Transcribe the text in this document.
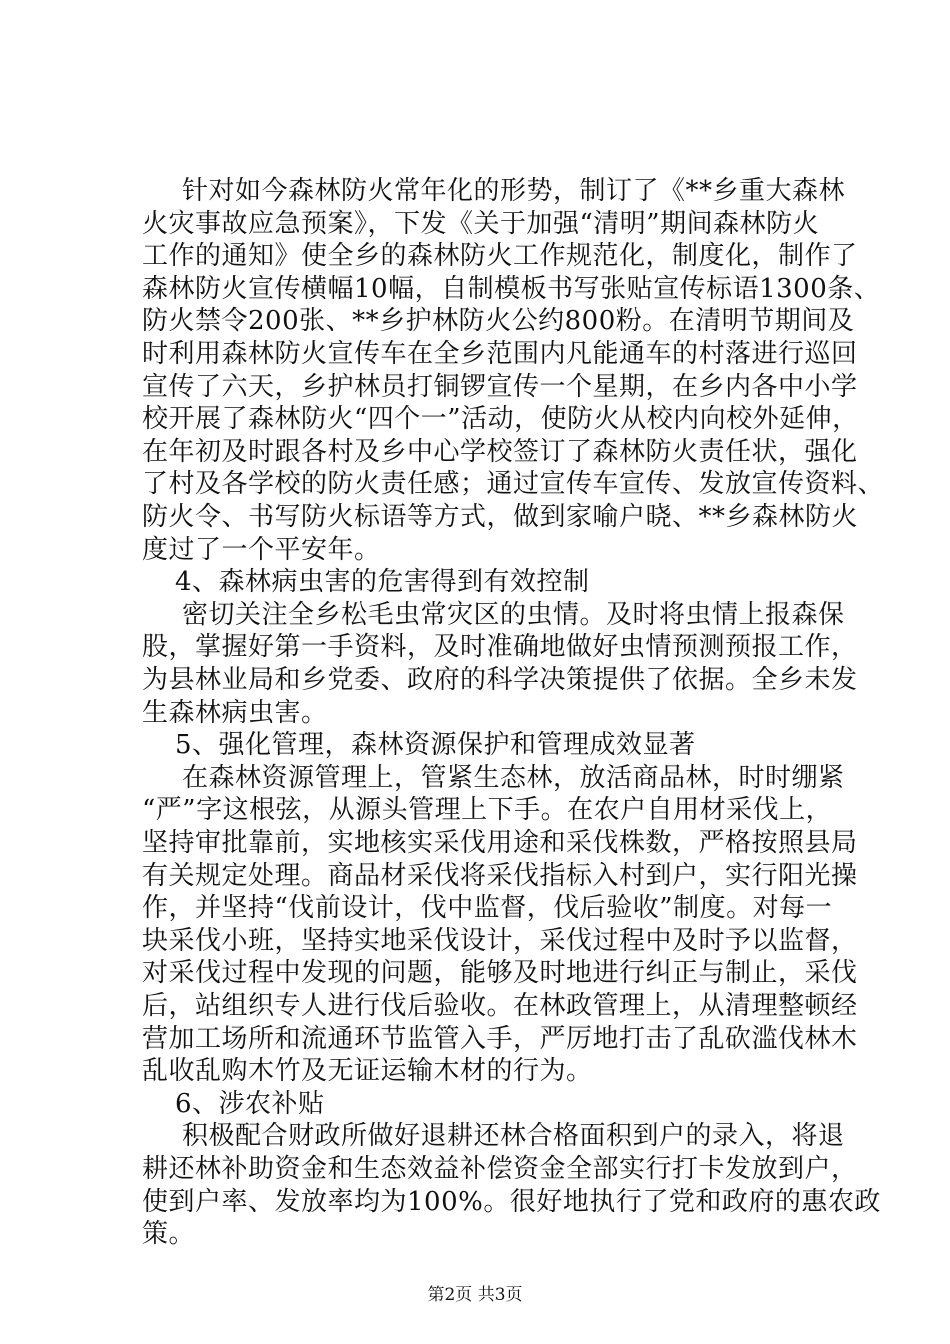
针对如今森林防火常年化的形势，制订了《**乡重大森林
火灾事故应急预案》，下发《关于加强“清明”期间森林防火
工作的通知》使全乡的森林防火工作规范化，制度化，制作了
森林防火宣传横幅10幅，自制模板书写张贴宣传标语1300条、
防火禁令200张、**乡护林防火公约800粉。在清明节期间及
时利用森林防火宣传车在全乡范围内凡能通车的村落进行巡回
宣传了六天，乡护林员打铜锣宣传一个星期，在乡内各中小学
校开展了森林防火“四个一”活动，使防火从校内向校外延伸，
在年初及时跟各村及乡中心学校签订了森林防火责任状，强化
了村及各学校的防火责任感；通过宣传车宣传、发放宣传资料、
防火令、书写防火标语等方式，做到家喻户晓、**乡森林防火
度过了一个平安年。
4、森林病虫害的危害得到有效控制
密切关注全乡松毛虫常灾区的虫情。及时将虫情上报森保
股，掌握好第一手资料，及时准确地做好虫情预测预报工作，
为县林业局和乡党委、政府的科学决策提供了依据。全乡未发
生森林病虫害。
5、强化管理，森林资源保护和管理成效显著
在森林资源管理上，管紧生态林，放活商品林，时时绷紧
“严”字这根弦，从源头管理上下手。在农户自用材采伐上，
坚持审批靠前，实地核实采伐用途和采伐株数，严格按照县局
有关规定处理。商品材采伐将采伐指标入村到户，实行阳光操
作，并坚持“伐前设计，伐中监督，伐后验收”制度。对每一
块采伐小班，坚持实地采伐设计，采伐过程中及时予以监督，
对采伐过程中发现的问题，能够及时地进行纠正与制止，采伐
后，站组织专人进行伐后验收。在林政管理上，从清理整顿经
营加工场所和流通环节监管入手，严厉地打击了乱砍滥伐林木
乱收乱购木竹及无证运输木材的行为。
6、涉农补贴
积极配合财政所做好退耕还林合格面积到户的录入，将退
耕还林补助资金和生态效益补偿资金全部实行打卡发放到户，
使到户率、发放率均为100%。很好地执行了党和政府的惠农政
策。
第2页 共3页
